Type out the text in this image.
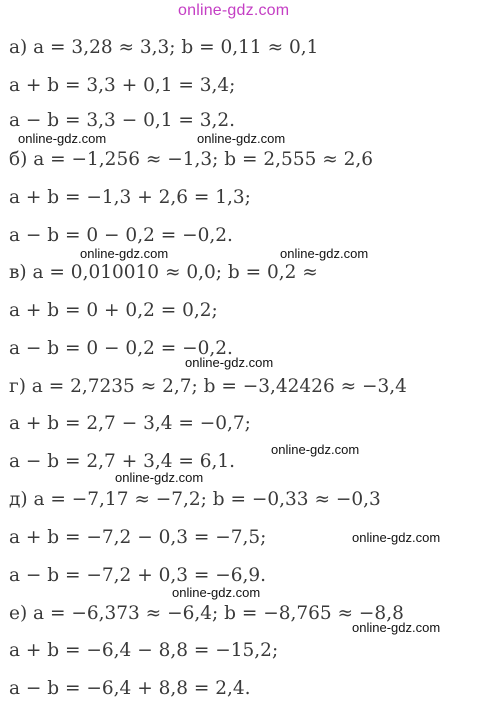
online-gdz.com
а) a = 3,28 ≈ 3,3; b = 0,11 ≈ 0,1
a + b = 3,3 + 0,1 = 3,4;
a − b = 3,3 − 0,1 = 3,2.
б) a = −1,256 ≈ −1,3; b = 2,555 ≈ 2,6
a + b = −1,3 + 2,6 = 1,3;
a − b = 0 − 0,2 = −0,2.
в) a = 0,010010 ≈ 0,0; b = 0,2 ≈
a + b = 0 + 0,2 = 0,2;
a − b = 0 − 0,2 = −0,2.
г) a = 2,7235 ≈ 2,7; b = −3,42426 ≈ −3,4
a + b = 2,7 − 3,4 = −0,7;
a − b = 2,7 + 3,4 = 6,1.
д) a = −7,17 ≈ −7,2; b = −0,33 ≈ −0,3
a + b = −7,2 − 0,3 = −7,5;
a − b = −7,2 + 0,3 = −6,9.
е) a = −6,373 ≈ −6,4; b = −8,765 ≈ −8,8
a + b = −6,4 − 8,8 = −15,2;
a − b = −6,4 + 8,8 = 2,4.
online-gdz.com	online-gdz.com
online-gdz.com	online-gdz.com
online-gdz.com
online-gdz.com
online-gdz.com
online-gdz.com
online-gdz.com
online-gdz.com
